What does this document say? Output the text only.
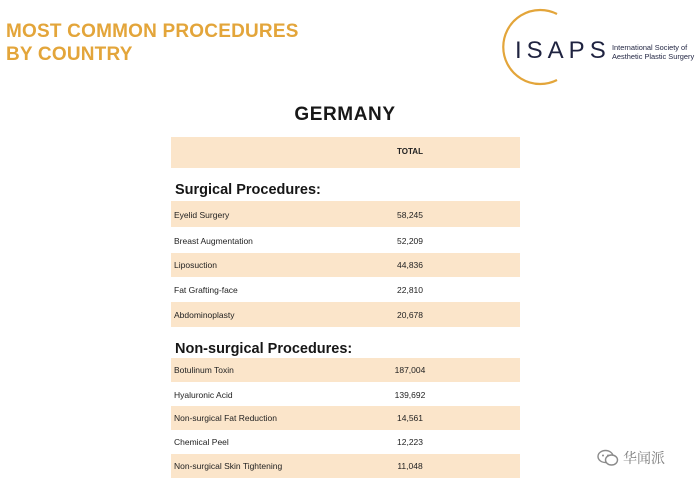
MOST COMMON PROCEDURES
BY COUNTRY	ISAPS International Society of
Aesthetic Plastic Surgery
GERMANY
TOTAL
Surgical Procedures:
Eyelid Surgery	58,245
Breast Augmentation	52,209
Liposuction	44,836
Fat Grafting-face	22,810
Abdominoplasty	20,678
Non-surgical Procedures:
Botulinum Toxin	187,004
Hyaluronic Acid	139,692
Non-surgical Fat Reduction	14,561
Chemical Peel	12,223
Non-surgical Skin Tightening	11,048	华闻派
